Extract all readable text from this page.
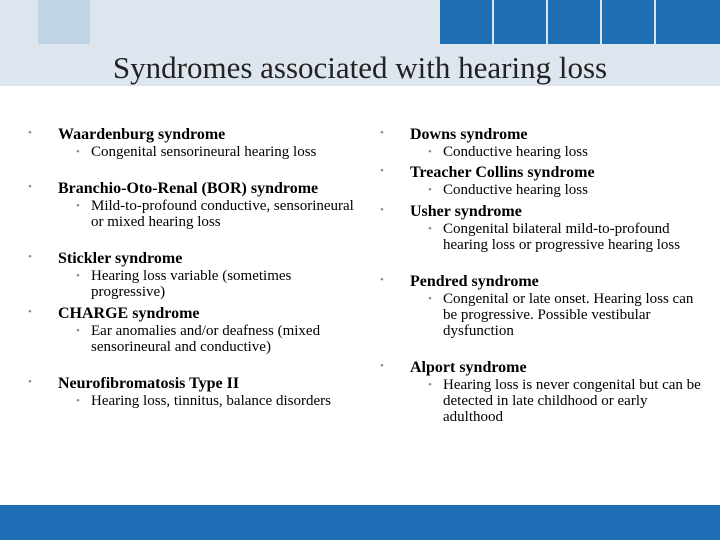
Syndromes associated with hearing loss
• Waardenburg syndrome
• Congenital sensorineural hearing loss
• Branchio-Oto-Renal (BOR) syndrome
• Mild-to-profound conductive, sensorineural or mixed hearing loss
• Stickler syndrome
• Hearing loss variable (sometimes progressive)
• CHARGE syndrome
• Ear anomalies and/or deafness (mixed sensorineural and conductive)
• Neurofibromatosis Type II
• Hearing loss, tinnitus, balance disorders
• Downs syndrome
• Conductive hearing loss
• Treacher Collins syndrome
• Conductive hearing loss
• Usher syndrome
• Congenital bilateral mild-to-profound hearing loss or progressive hearing loss
• Pendred syndrome
• Congenital or late onset. Hearing loss can be progressive. Possible vestibular dysfunction
• Alport syndrome
• Hearing loss is never congenital but can be detected in late childhood or early adulthood
